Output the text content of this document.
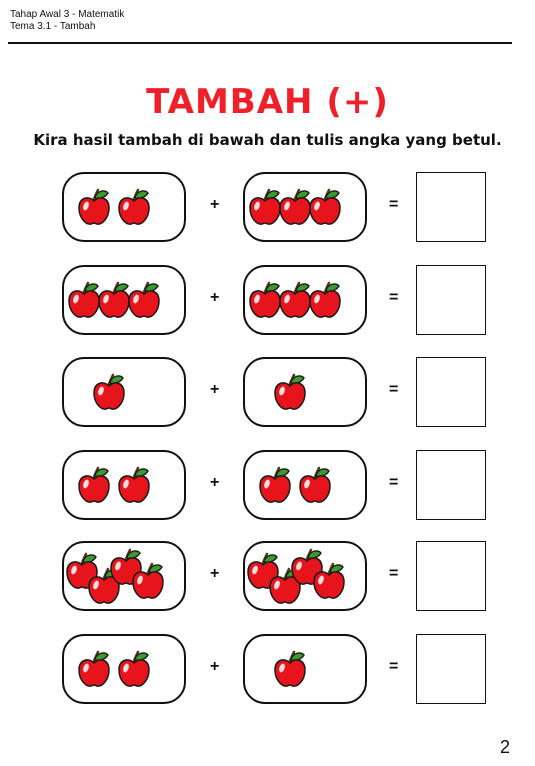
Tahap Awal 3 - Matematik
Tema 3.1 - Tambah
TAMBAH (+)
Kira hasil tambah di bawah dan tulis angka yang betul.
+	=
+	=
+	=
+	=
+	=
+	=
2
